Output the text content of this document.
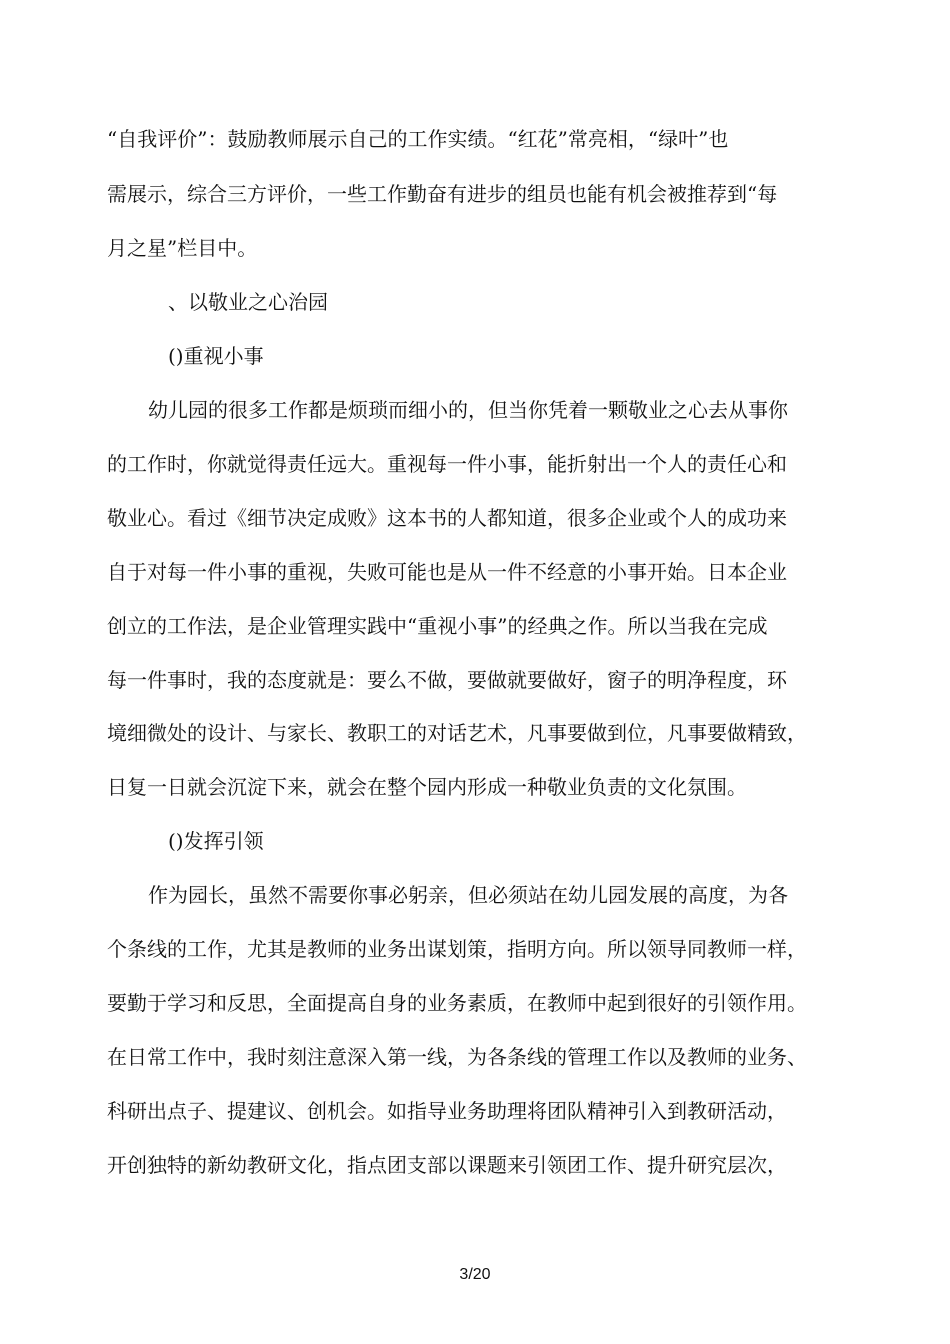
“自我评价”：鼓励教师展示自己的工作实绩。“红花”常亮相，“绿叶”也
需展示，综合三方评价，一些工作勤奋有进步的组员也能有机会被推荐到“每
月之星”栏目中。
、以敬业之心治园
()重视小事
幼儿园的很多工作都是烦琐而细小的，但当你凭着一颗敬业之心去从事你
的工作时，你就觉得责任远大。重视每一件小事，能折射出一个人的责任心和
敬业心。看过《细节决定成败》这本书的人都知道，很多企业或个人的成功来
自于对每一件小事的重视，失败可能也是从一件不经意的小事开始。日本企业
创立的工作法，是企业管理实践中“重视小事”的经典之作。所以当我在完成
每一件事时，我的态度就是：要么不做，要做就要做好，窗子的明净程度，环
境细微处的设计、与家长、教职工的对话艺术，凡事要做到位，凡事要做精致，
日复一日就会沉淀下来，就会在整个园内形成一种敬业负责的文化氛围。
()发挥引领
作为园长，虽然不需要你事必躬亲，但必须站在幼儿园发展的高度，为各
个条线的工作，尤其是教师的业务出谋划策，指明方向。所以领导同教师一样，
要勤于学习和反思，全面提高自身的业务素质，在教师中起到很好的引领作用。
在日常工作中，我时刻注意深入第一线，为各条线的管理工作以及教师的业务、
科研出点子、提建议、创机会。如指导业务助理将团队精神引入到教研活动，
开创独特的新幼教研文化，指点团支部以课题来引领团工作、提升研究层次，
3/20
